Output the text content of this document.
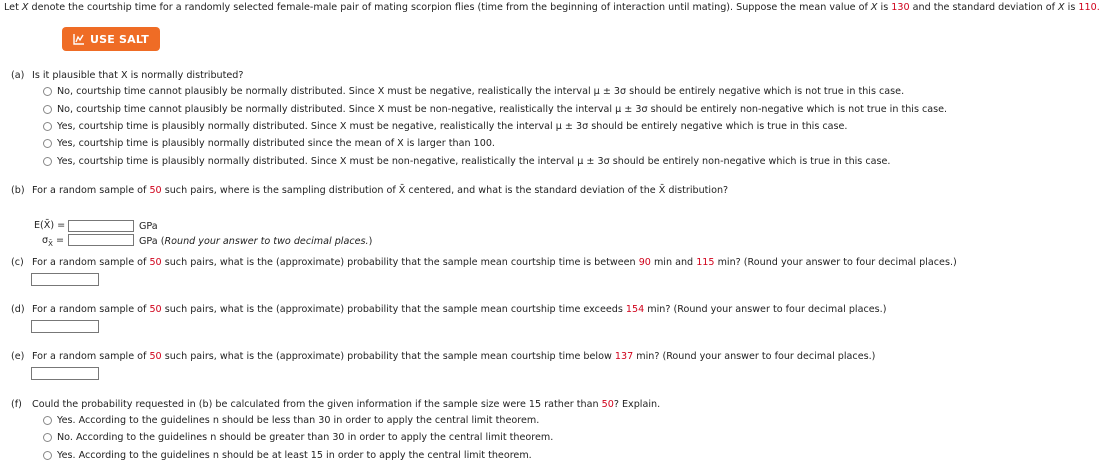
Let X denote the courtship time for a randomly selected female-male pair of mating scorpion flies (time from the beginning of interaction until mating). Suppose the mean value of X is 130 and the standard deviation of X is 110.
USE SALT
(a) Is it plausible that X is normally distributed?
No, courtship time cannot plausibly be normally distributed. Since X must be negative, realistically the interval μ ± 3σ should be entirely negative which is not true in this case.
No, courtship time cannot plausibly be normally distributed. Since X must be non-negative, realistically the interval μ ± 3σ should be entirely non-negative which is not true in this case.
Yes, courtship time is plausibly normally distributed. Since X must be negative, realistically the interval μ ± 3σ should be entirely negative which is true in this case.
Yes, courtship time is plausibly normally distributed since the mean of X is larger than 100.
Yes, courtship time is plausibly normally distributed. Since X must be non-negative, realistically the interval μ ± 3σ should be entirely non-negative which is true in this case.
(b) For a random sample of 50 such pairs, where is the sampling distribution of X̄ centered, and what is the standard deviation of the X̄ distribution?
E(X̄) =	GPa
$\sigma_{X̄}$ =	GPa (Round your answer to two decimal places.)
(c) For a random sample of 50 such pairs, what is the (approximate) probability that the sample mean courtship time is between 90 min and 115 min? (Round your answer to four decimal places.)
(d) For a random sample of 50 such pairs, what is the (approximate) probability that the sample mean courtship time exceeds 154 min? (Round your answer to four decimal places.)
(e) For a random sample of 50 such pairs, what is the (approximate) probability that the sample mean courtship time below 137 min? (Round your answer to four decimal places.)
(f) Could the probability requested in (b) be calculated from the given information if the sample size were 15 rather than 50? Explain.
Yes. According to the guidelines n should be less than 30 in order to apply the central limit theorem.
No. According to the guidelines n should be greater than 30 in order to apply the central limit theorem.
Yes. According to the guidelines n should be at least 15 in order to apply the central limit theorem.
